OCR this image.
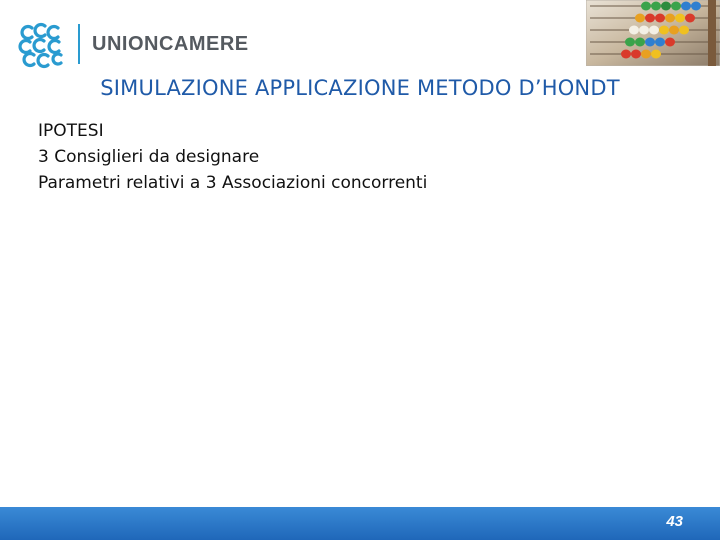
UNIONCAMERE
SIMULAZIONE APPLICAZIONE METODO D’HONDT
IPOTESI
3 Consiglieri da designare
Parametri relativi a 3 Associazioni concorrenti
43
